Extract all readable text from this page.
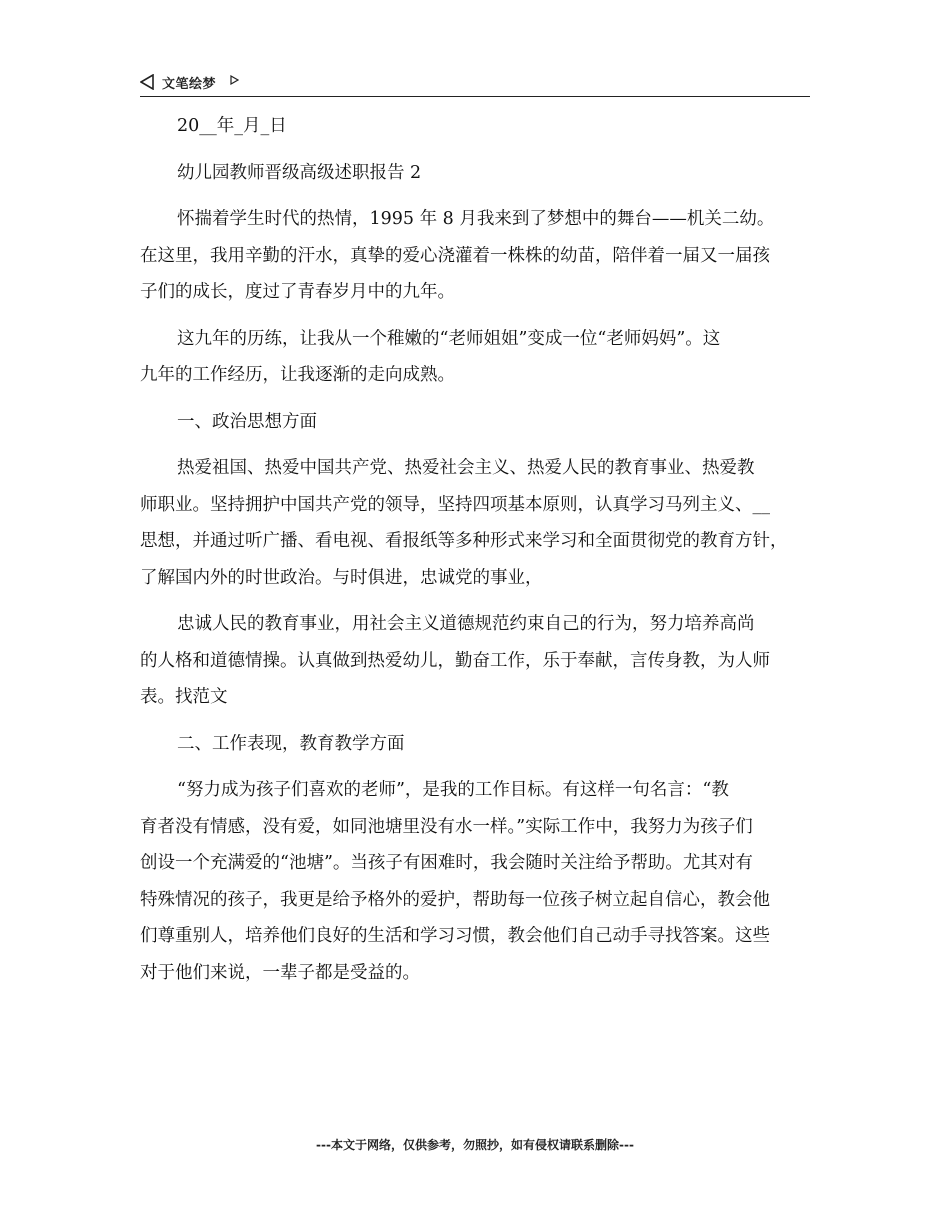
文笔绘梦

20__年_月_日

幼儿园教师晋级高级述职报告 2

怀揣着学生时代的热情，1995 年 8 月我来到了梦想中的舞台——机关二幼。
在这里，我用辛勤的汗水，真挚的爱心浇灌着一株株的幼苗，陪伴着一届又一届孩
子们的成长，度过了青春岁月中的九年。

这九年的历练，让我从一个稚嫩的“老师姐姐”变成一位“老师妈妈”。这
九年的工作经历，让我逐渐的走向成熟。

一、政治思想方面

热爱祖国、热爱中国共产党、热爱社会主义、热爱人民的教育事业、热爱教
师职业。坚持拥护中国共产党的领导，坚持四项基本原则，认真学习马列主义、__
思想，并通过听广播、看电视、看报纸等多种形式来学习和全面贯彻党的教育方针，
了解国内外的时世政治。与时俱进，忠诚党的事业，

忠诚人民的教育事业，用社会主义道德规范约束自己的行为，努力培养高尚
的人格和道德情操。认真做到热爱幼儿，勤奋工作，乐于奉献，言传身教，为人师
表。找范文

二、工作表现，教育教学方面

“努力成为孩子们喜欢的老师”，是我的工作目标。有这样一句名言：“教
育者没有情感，没有爱，如同池塘里没有水一样。”实际工作中，我努力为孩子们
创设一个充满爱的“池塘”。当孩子有困难时，我会随时关注给予帮助。尤其对有
特殊情况的孩子，我更是给予格外的爱护，帮助每一位孩子树立起自信心，教会他
们尊重别人，培养他们良好的生活和学习习惯，教会他们自己动手寻找答案。这些
对于他们来说，一辈子都是受益的。

---本文于网络，仅供参考，勿照抄，如有侵权请联系删除---
